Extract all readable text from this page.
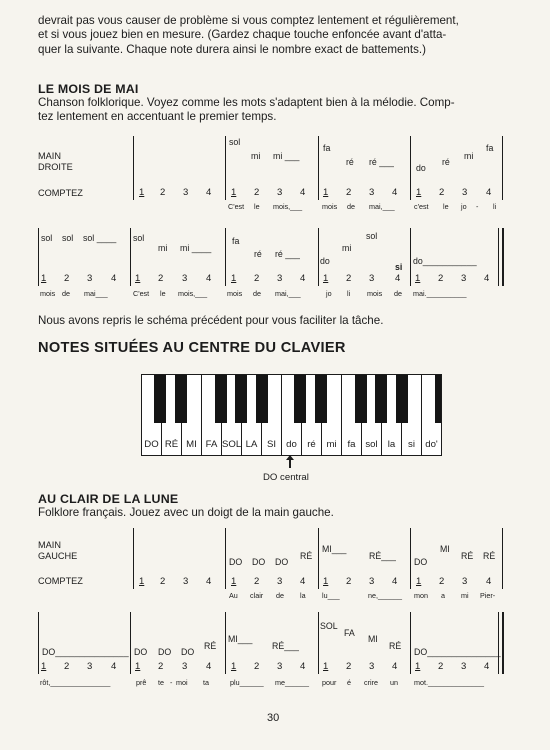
devrait pas vous causer de problème si vous comptez lentement et régulièrement,
et si vous jouez bien en mesure. (Gardez chaque touche enfoncée avant d'atta-
quer la suivante. Chaque note durera ainsi le nombre exact de battements.)
LE MOIS DE MAI
Chanson folklorique. Voyez comme les mots s'adaptent bien à la mélodie. Comp-
tez lentement en accentuant le premier temps.
MAIN
DROITE
COMPTEZ
sol
mi mi ___
fa
ré ré ___
do
ré
mi
fa
1 2 3 4 1 2 3 4 1 2 3 4 1 2 3 4
C'est le mois,___	mois de mai,___	c'est le jo - li
sol sol sol ____ sol
mi mi ____
fa
ré ré ___
do
mi
sol
si
do___________
1 2 3 4 1 2 3 4 1 2 3 4 1 2 3 4 1 2 3 4
mois de mai___	C'est le mois,___	mois de mai,___	jo li mois de mai.__________
Nous avons repris le schéma précédent pour vous faciliter la tâche.
NOTES SITUÉES AU CENTRE DU CLAVIER
DO RÉ MI FA SOL LA SI	do	ré	mi	fa	sol	la	si	do'
DO central
AU CLAIR DE LA LUNE
Folklore français. Jouez avec un doigt de la main gauche.
MAIN
GAUCHE
COMPTEZ
DO DO DO
RÉ
MI___
RÉ___
DO
MI
RÉ RÉ
1 2 3 4 1 2 3 4 1 2 3 4 1 2 3 4
Au clair de la lu___	ne,______ mon a mi Pier-
DO_______________ DO DO DO
RÉ
MI___
RÉ___
SOL
FA
MI
RÉ
DO_______________
1 2 3 4 1 2 3 4 1 2 3 4 1 2 3 4 1 2 3 4
rôt,_______________	prê te - moi ta	plu______ me______ pour é crire un mot.______________
30
